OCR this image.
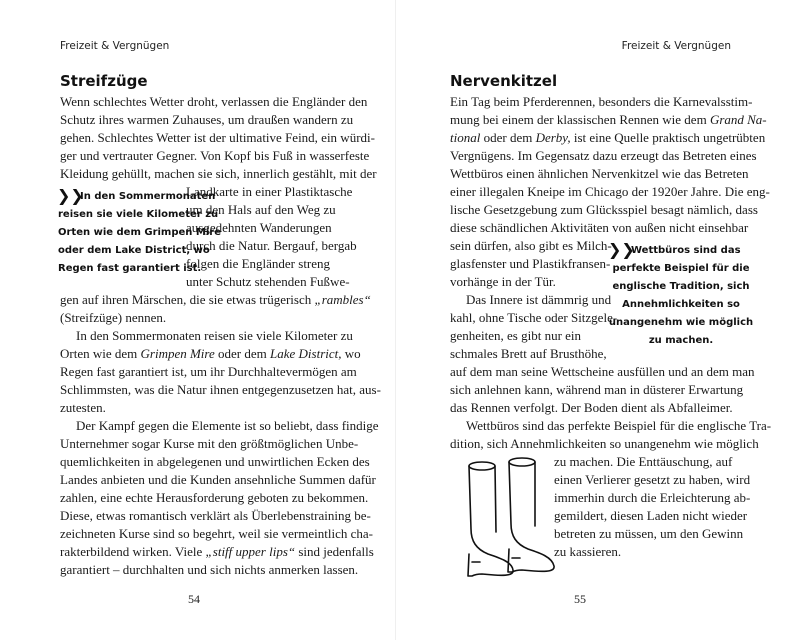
Freizeit & Vergnügen
Streifzüge
Wenn schlechtes Wetter droht, verlassen die Engländer den
Schutz ihres warmen Zuhauses, um draußen wandern zu
gehen. Schlechtes Wetter ist der ultimative Feind, ein würdi-
ger und vertrauter Gegner. Von Kopf bis Fuß in wasserfeste
Kleidung gehüllt, machen sie sich, innerlich gestählt, mit der
Landkarte in einer Plastiktasche
um den Hals auf den Weg zu
ausgedehnten Wanderungen
durch die Natur. Bergauf, bergab
folgen die Engländer streng
unter Schutz stehenden Fußwe-
gen auf ihren Märschen, die sie etwas trügerisch „rambles“
(Streifzüge) nennen.
In den Sommermonaten reisen sie viele Kilometer zu
Orten wie dem Grimpen Mire oder dem Lake District, wo
Regen fast garantiert ist, um ihr Durchhaltevermögen am
Schlimmsten, was die Natur ihnen entgegenzusetzen hat, aus-
zutesten.
Der Kampf gegen die Elemente ist so beliebt, dass findige
Unternehmer sogar Kurse mit den größtmöglichen Unbe-
quemlichkeiten in abgelegenen und unwirtlichen Ecken des
Landes anbieten und die Kunden ansehnliche Summen dafür
zahlen, eine echte Herausforderung geboten zu bekommen.
Diese, etwas romantisch verklärt als Überlebenstraining be-
zeichneten Kurse sind so begehrt, weil sie vermeintlich cha-
rakterbildend wirken. Viele „stiff upper lips“ sind jedenfalls
garantiert – durchhalten und sich nichts anmerken lassen.
❯❯
In den Sommermonaten
reisen sie viele Kilometer zu
Orten wie dem Grimpen Mire
oder dem Lake District, wo
Regen fast garantiert ist.
54
Freizeit & Vergnügen
Nervenkitzel
Ein Tag beim Pferderennen, besonders die Karnevalsstim-
mung bei einem der klassischen Rennen wie dem Grand Na-
tional oder dem Derby, ist eine Quelle praktisch ungetrübten
Vergnügens. Im Gegensatz dazu erzeugt das Betreten eines
Wettbüros einen ähnlichen Nervenkitzel wie das Betreten
einer illegalen Kneipe im Chicago der 1920er Jahre. Die eng-
lische Gesetzgebung zum Glücksspiel besagt nämlich, dass
diese schändlichen Aktivitäten von außen nicht einsehbar
sein dürfen, also gibt es Milch-
glasfenster und Plastikfransen-
vorhänge in der Tür.
Das Innere ist dämmrig und
kahl, ohne Tische oder Sitzgele-
genheiten, es gibt nur ein
schmales Brett auf Brusthöhe,
auf dem man seine Wettscheine ausfüllen und an dem man
sich anlehnen kann, während man in düsterer Erwartung
das Rennen verfolgt. Der Boden dient als Abfalleimer.
Wettbüros sind das perfekte Beispiel für die englische Tra-
dition, sich Annehmlichkeiten so unangenehm wie möglich
zu machen. Die Enttäuschung, auf
einen Verlierer gesetzt zu haben, wird
immerhin durch die Erleichterung ab-
gemildert, diesen Laden nicht wieder
betreten zu müssen, um den Gewinn
zu kassieren.
❯❯
Wettbüros sind das
perfekte Beispiel für die
englische Tradition, sich
Annehmlichkeiten so
unangenehm wie möglich
zu machen.
55
